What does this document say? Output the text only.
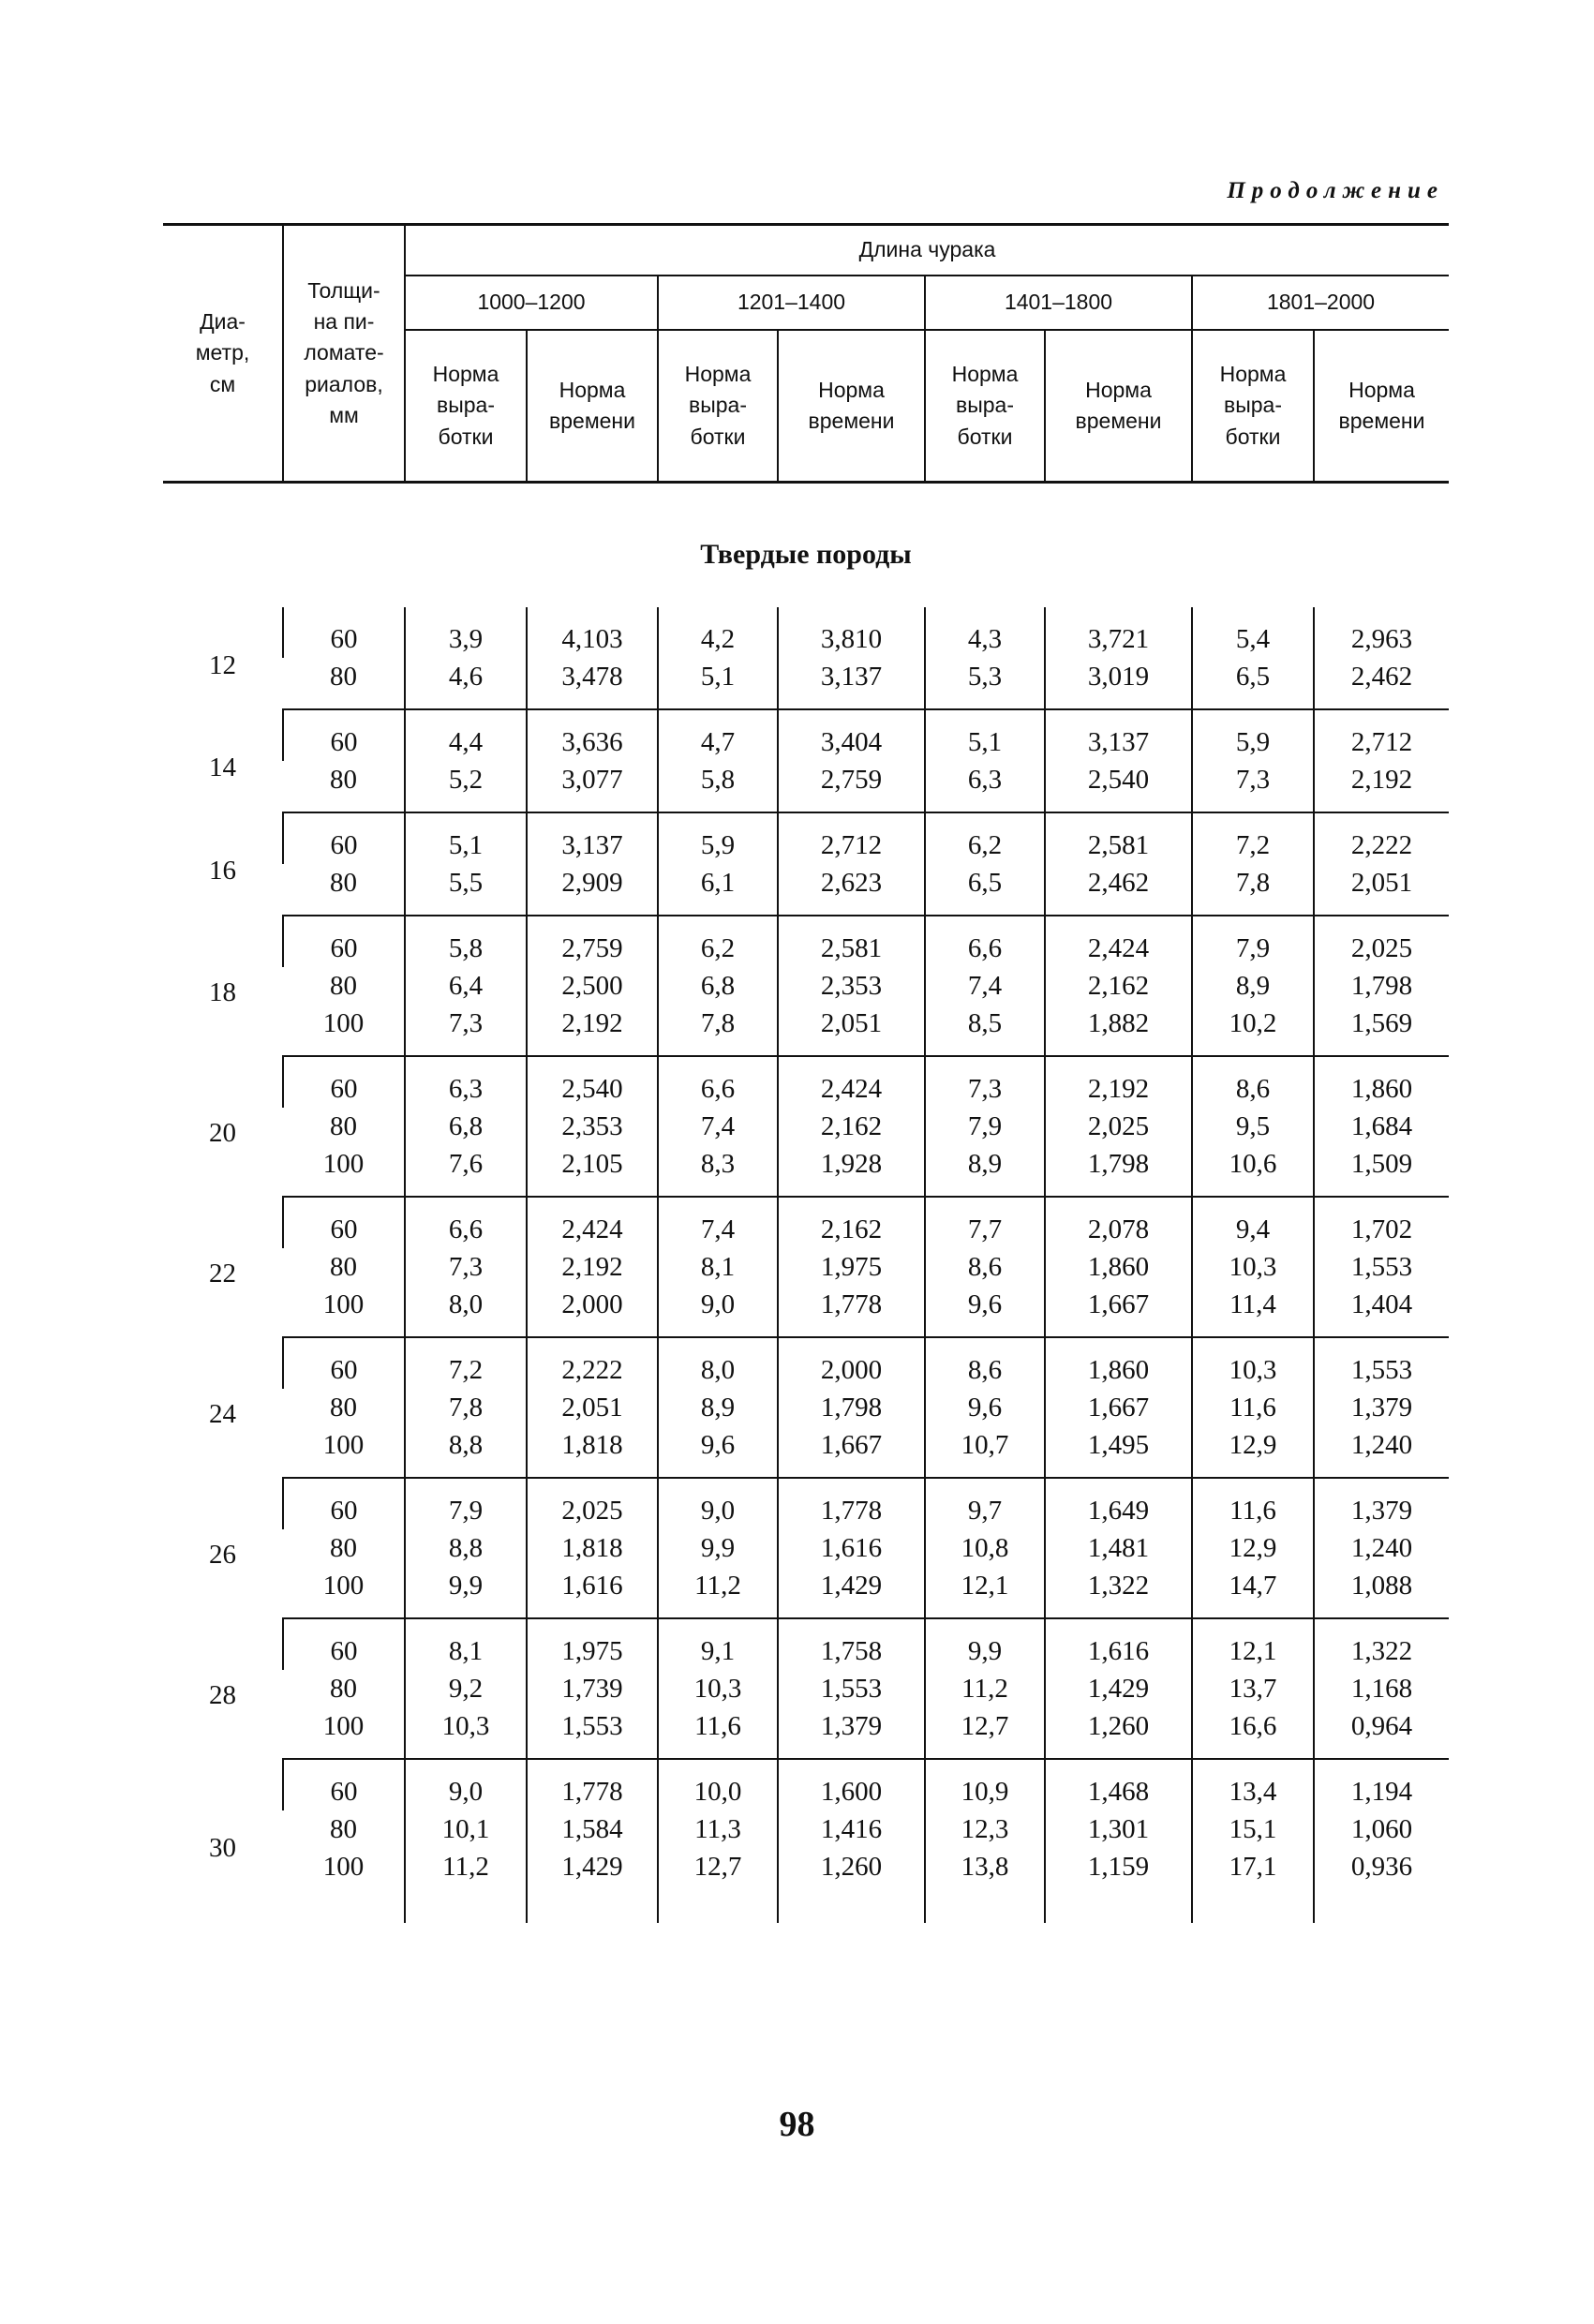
Продолжение
Диа-
метр,
см	Толщи-
на пи-
ломате-
риалов,
мм	Длина чурака							
		1000–1200		1201–1400		1401–1800		1801–2000	
		Норма
выра-
ботки	Норма
времени	Норма
выра-
ботки	Норма
времени	Норма
выра-
ботки	Норма
времени	Норма
выра-
ботки	Норма
времени
Твердые породы									
12	60	3,9	4,103	4,2	3,810	4,3	3,721	5,4	2,963
	80	4,6	3,478	5,1	3,137	5,3	3,019	6,5	2,462
14	60	4,4	3,636	4,7	3,404	5,1	3,137	5,9	2,712
	80	5,2	3,077	5,8	2,759	6,3	2,540	7,3	2,192
16	60	5,1	3,137	5,9	2,712	6,2	2,581	7,2	2,222
	80	5,5	2,909	6,1	2,623	6,5	2,462	7,8	2,051
18	60	5,8	2,759	6,2	2,581	6,6	2,424	7,9	2,025
	80	6,4	2,500	6,8	2,353	7,4	2,162	8,9	1,798
	100	7,3	2,192	7,8	2,051	8,5	1,882	10,2	1,569
20	60	6,3	2,540	6,6	2,424	7,3	2,192	8,6	1,860
	80	6,8	2,353	7,4	2,162	7,9	2,025	9,5	1,684
	100	7,6	2,105	8,3	1,928	8,9	1,798	10,6	1,509
22	60	6,6	2,424	7,4	2,162	7,7	2,078	9,4	1,702
	80	7,3	2,192	8,1	1,975	8,6	1,860	10,3	1,553
	100	8,0	2,000	9,0	1,778	9,6	1,667	11,4	1,404
24	60	7,2	2,222	8,0	2,000	8,6	1,860	10,3	1,553
	80	7,8	2,051	8,9	1,798	9,6	1,667	11,6	1,379
	100	8,8	1,818	9,6	1,667	10,7	1,495	12,9	1,240
26	60	7,9	2,025	9,0	1,778	9,7	1,649	11,6	1,379
	80	8,8	1,818	9,9	1,616	10,8	1,481	12,9	1,240
	100	9,9	1,616	11,2	1,429	12,1	1,322	14,7	1,088
28	60	8,1	1,975	9,1	1,758	9,9	1,616	12,1	1,322
	80	9,2	1,739	10,3	1,553	11,2	1,429	13,7	1,168
	100	10,3	1,553	11,6	1,379	12,7	1,260	16,6	0,964
30	60	9,0	1,778	10,0	1,600	10,9	1,468	13,4	1,194
	80	10,1	1,584	11,3	1,416	12,3	1,301	15,1	1,060
	100	11,2	1,429	12,7	1,260	13,8	1,159	17,1	0,936
98
